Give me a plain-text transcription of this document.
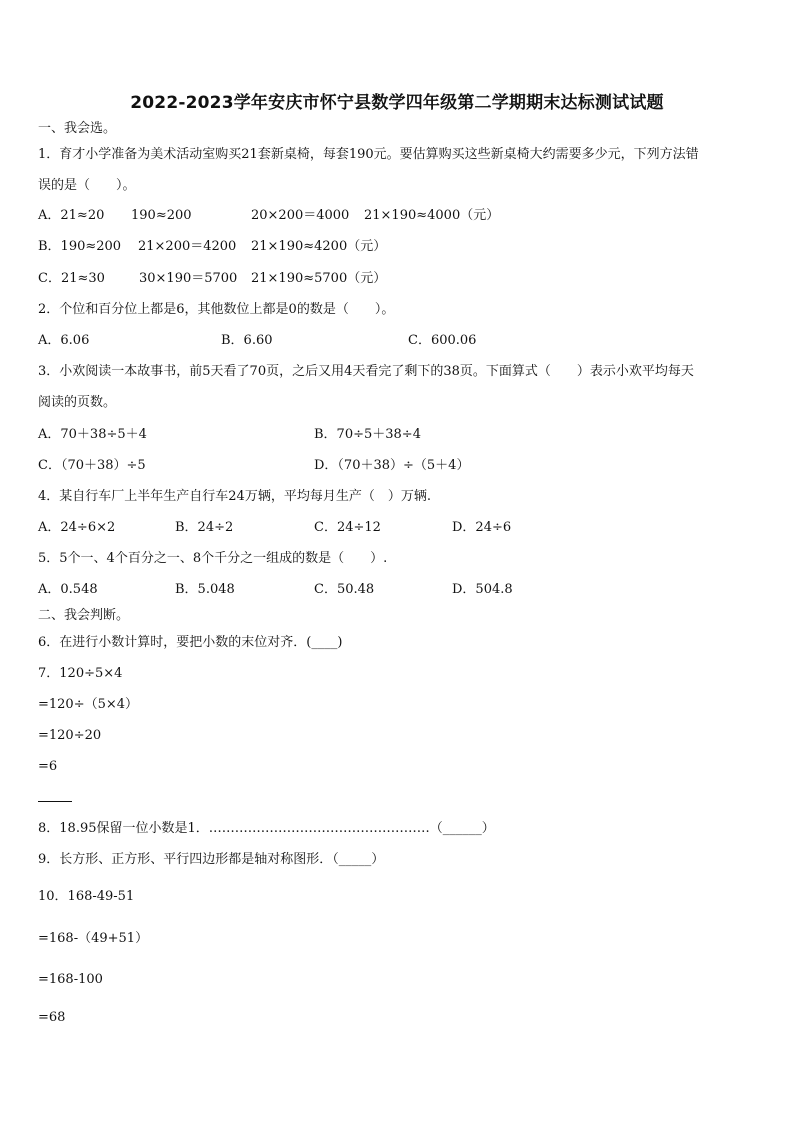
2022-2023学年安庆市怀宁县数学四年级第二学期期末达标测试试题
一、我会选。
1．育才小学准备为美术活动室购买21套新桌椅，每套190元。要估算购买这些新桌椅大约需要多少元，下列方法错
误的是（　　）。
A．21≈20 190≈200	20×200＝4000 21×190≈4000（元）
B．190≈200 21×200＝4200 21×190≈4200（元）
C．21≈30	30×190＝5700 21×190≈5700（元）
2．个位和百分位上都是6，其他数位上都是0的数是（　　）。
A．6.06	B．6.60	C．600.06
3．小欢阅读一本故事书，前5天看了70页，之后又用4天看完了剩下的38页。下面算式（　　）表示小欢平均每天
阅读的页数。
A．70＋38÷5＋4	B．70÷5＋38÷4
C．（70＋38）÷5	D．（70＋38）÷（5＋4）
4．某自行车厂上半年生产自行车24万辆，平均每月生产（　）万辆.
A．24÷6×2	B．24÷2	C．24÷12	D．24÷6
5．5个一、4个百分之一、8个千分之一组成的数是（　　）.
A．0.548	B．5.048	C．50.48	D．504.8
二、我会判断。
6．在进行小数计算时，要把小数的末位对齐．(____)
7．120÷5×4
=120÷（5×4）
=120÷20
=6
8．18.95保留一位小数是1．……………………………………………（______）
9．长方形、正方形、平行四边形都是轴对称图形．（_____）
10．168-49-51
=168-（49+51）
=168-100
=68
